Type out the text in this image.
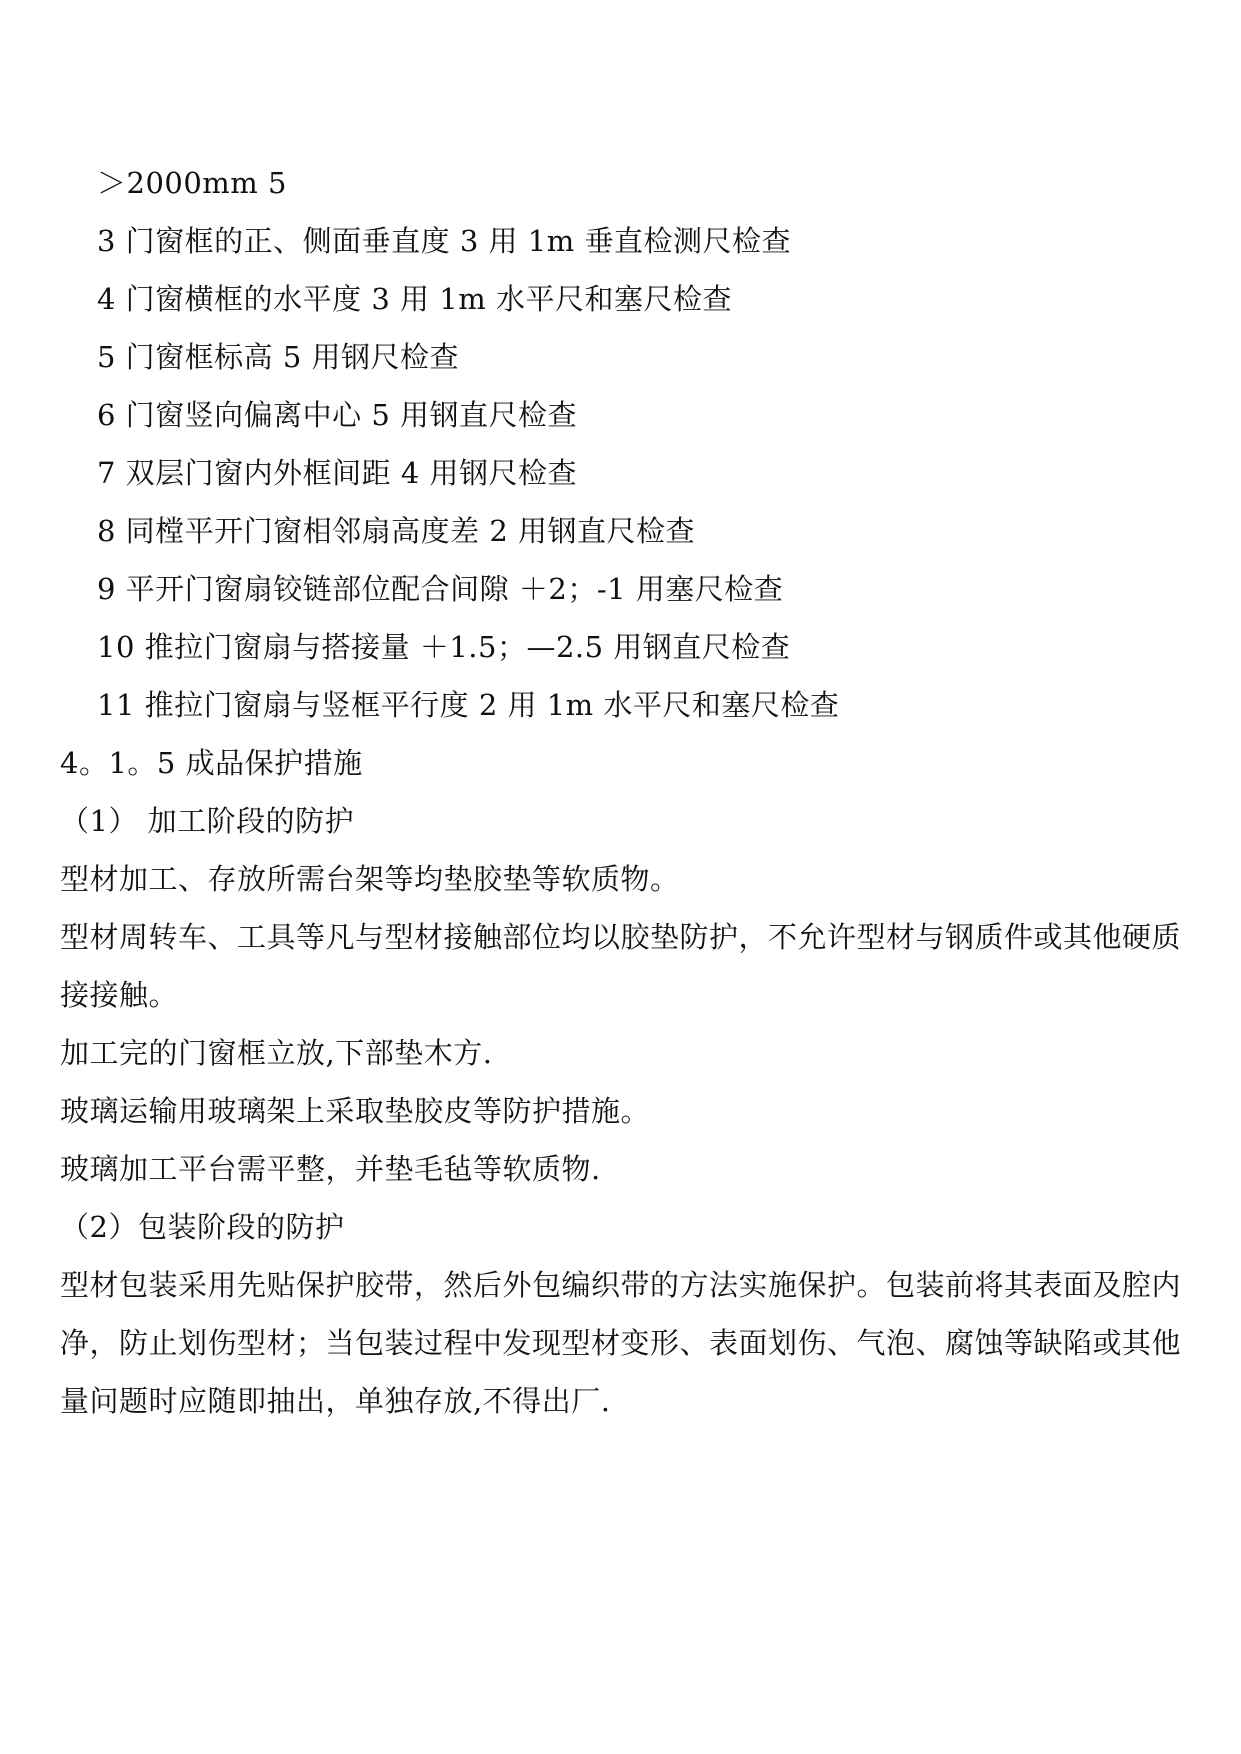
＞2000mm 5
3 门窗框的正、侧面垂直度 3 用 1m 垂直检测尺检查
4 门窗横框的水平度 3 用 1m 水平尺和塞尺检查
5 门窗框标高 5 用钢尺检查
6 门窗竖向偏离中心 5 用钢直尺检查
7 双层门窗内外框间距 4 用钢尺检查
8 同樘平开门窗相邻扇高度差 2 用钢直尺检查
9 平开门窗扇铰链部位配合间隙 ＋2；-1 用塞尺检查
10 推拉门窗扇与搭接量 ＋1.5；—2.5 用钢直尺检查
11 推拉门窗扇与竖框平行度 2 用 1m 水平尺和塞尺检查
4。1。5 成品保护措施
（1） 加工阶段的防护
型材加工、存放所需台架等均垫胶垫等软质物。
型材周转车、工具等凡与型材接触部位均以胶垫防护，不允许型材与钢质件或其他硬质
接接触。
加工完的门窗框立放,下部垫木方.
玻璃运输用玻璃架上采取垫胶皮等防护措施。
玻璃加工平台需平整，并垫毛毡等软质物.
（2）包装阶段的防护
型材包装采用先贴保护胶带，然后外包编织带的方法实施保护。包装前将其表面及腔内
净，防止划伤型材；当包装过程中发现型材变形、表面划伤、气泡、腐蚀等缺陷或其他
量问题时应随即抽出，单独存放,不得出厂.
